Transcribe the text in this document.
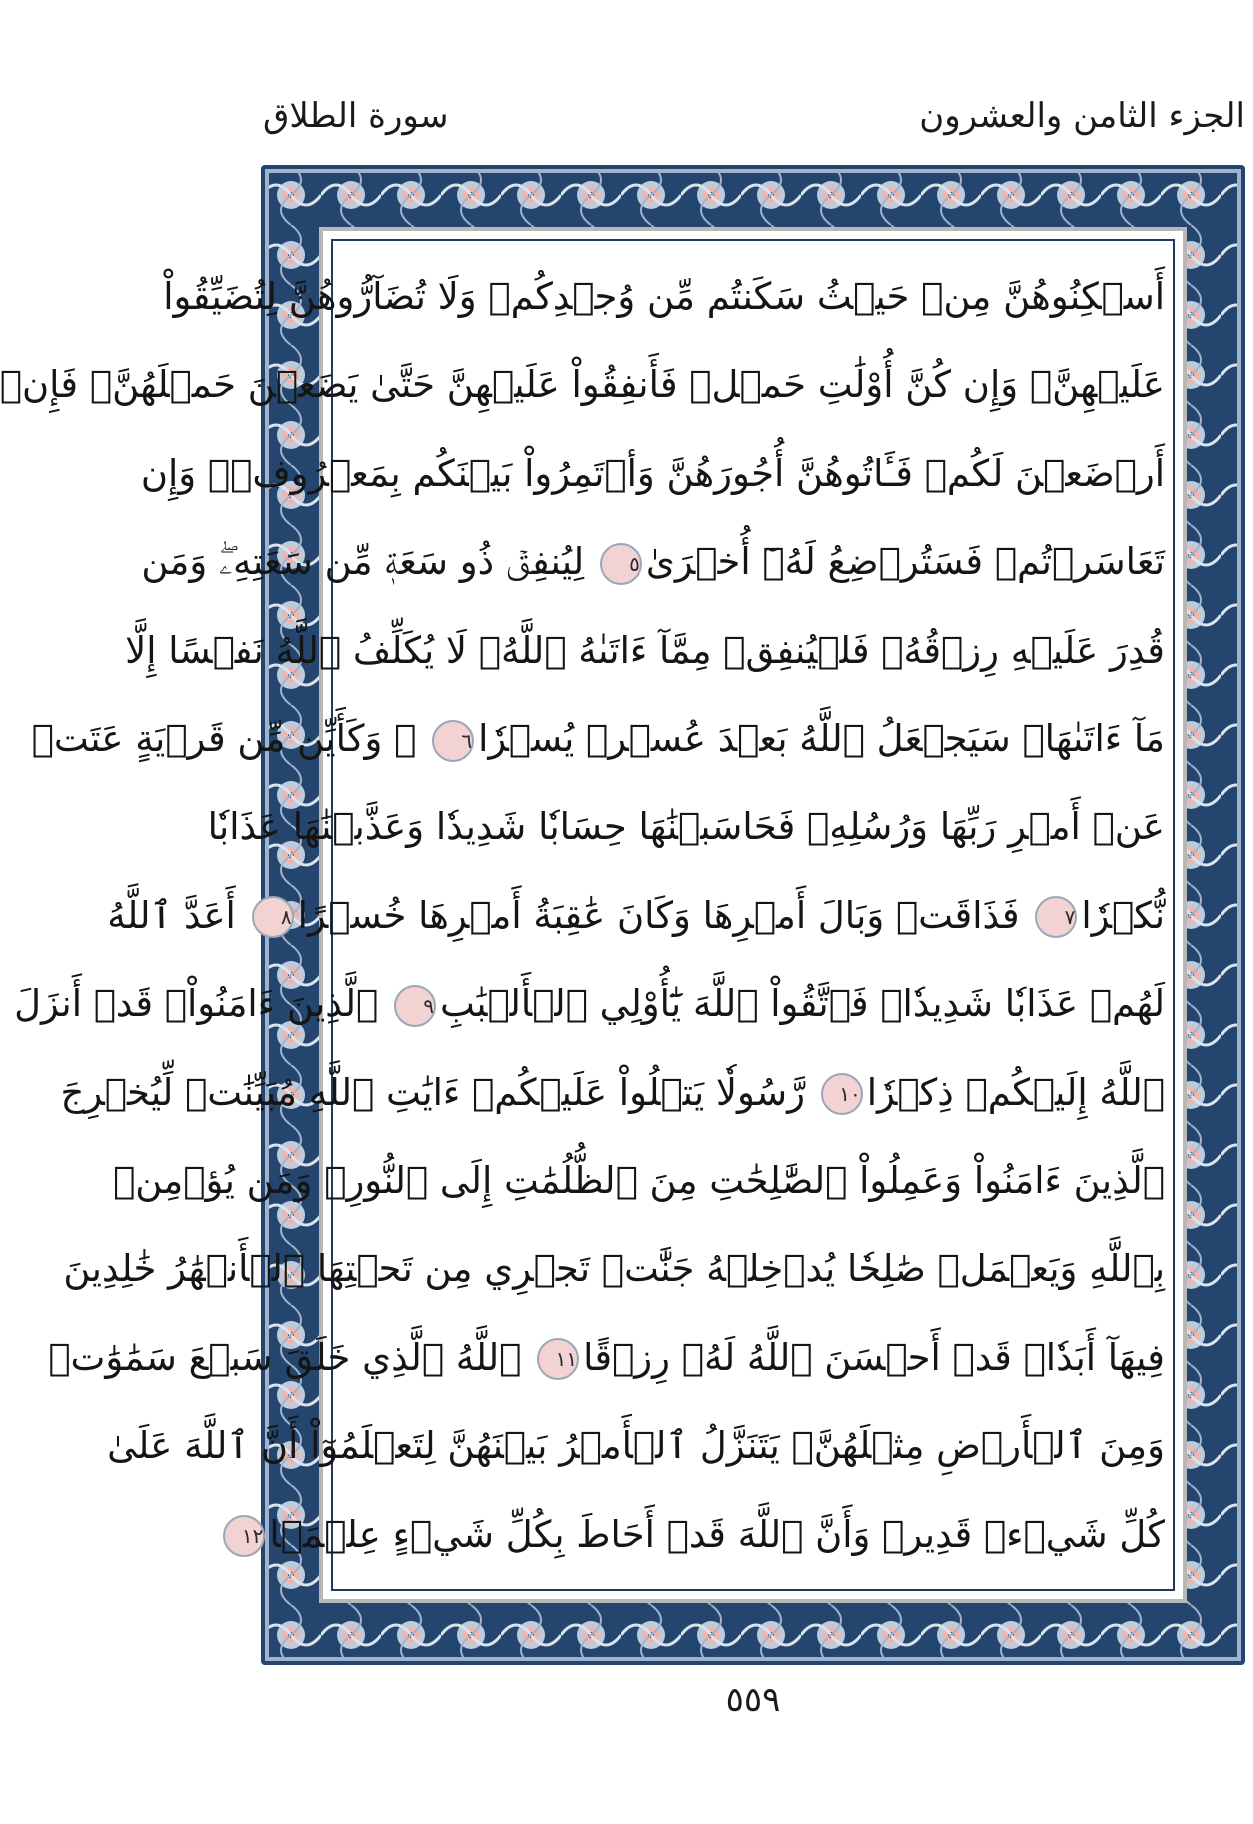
الجزء الثامن والعشرون
سورة الطلاق
أَسۡكِنُوهُنَّ مِنۡ حَيۡثُ سَكَنتُم مِّن وُجۡدِكُمۡ وَلَا تُضَآرُّوهُنَّ لِتُضَيِّقُواْ
عَلَيۡهِنَّۚ وَإِن كُنَّ أُوْلَٰتِ حَمۡلٖ فَأَنفِقُواْ عَلَيۡهِنَّ حَتَّىٰ يَضَعۡنَ حَمۡلَهُنَّۚ فَإِنۡ
أَرۡضَعۡنَ لَكُمۡ فَـَٔاتُوهُنَّ أُجُورَهُنَّ وَأۡتَمِرُواْ بَيۡنَكُم بِمَعۡرُوفٖۖ وَإِن
تَعَاسَرۡتُمۡ فَسَتُرۡضِعُ لَهُۥٓ أُخۡرَىٰ٥ لِيُنفِقۡ ذُو سَعَةٖ مِّن سَعَتِهِۦۖ وَمَن
قُدِرَ عَلَيۡهِ رِزۡقُهُۥ فَلۡيُنفِقۡ مِمَّآ ءَاتَىٰهُ ٱللَّهُۚ لَا يُكَلِّفُ ٱللَّهُ نَفۡسًا إِلَّا
مَآ ءَاتَىٰهَاۚ سَيَجۡعَلُ ٱللَّهُ بَعۡدَ عُسۡرٖ يُسۡرٗا٦ ۞ وَكَأَيِّن مِّن قَرۡيَةٍ عَتَتۡ
عَنۡ أَمۡرِ رَبِّهَا وَرُسُلِهِۦ فَحَاسَبۡنَٰهَا حِسَابٗا شَدِيدٗا وَعَذَّبۡنَٰهَا عَذَابٗا
نُّكۡرٗا٧ فَذَاقَتۡ وَبَالَ أَمۡرِهَا وَكَانَ عَٰقِبَةُ أَمۡرِهَا خُسۡرًا٨ أَعَدَّ ٱللَّهُ
لَهُمۡ عَذَابٗا شَدِيدٗاۖ فَٱتَّقُواْ ٱللَّهَ يَٰٓأُوْلِي ٱلۡأَلۡبَٰبِ٩ ٱلَّذِينَ ءَامَنُواْۚ قَدۡ أَنزَلَ
ٱللَّهُ إِلَيۡكُمۡ ذِكۡرٗا١٠ رَّسُولٗا يَتۡلُواْ عَلَيۡكُمۡ ءَايَٰتِ ٱللَّهِ مُبَيِّنَٰتٖ لِّيُخۡرِجَ
ٱلَّذِينَ ءَامَنُواْ وَعَمِلُواْ ٱلصَّٰلِحَٰتِ مِنَ ٱلظُّلُمَٰتِ إِلَى ٱلنُّورِۚ وَمَن يُؤۡمِنۢ
بِٱللَّهِ وَيَعۡمَلۡ صَٰلِحٗا يُدۡخِلۡهُ جَنَّٰتٖ تَجۡرِي مِن تَحۡتِهَا ٱلۡأَنۡهَٰرُ خَٰلِدِينَ
فِيهَآ أَبَدٗاۖ قَدۡ أَحۡسَنَ ٱللَّهُ لَهُۥ رِزۡقًا١١ ٱللَّهُ ٱلَّذِي خَلَقَ سَبۡعَ سَمَٰوَٰتٖ
وَمِنَ ٱلۡأَرۡضِ مِثۡلَهُنَّۖ يَتَنَزَّلُ ٱلۡأَمۡرُ بَيۡنَهُنَّ لِتَعۡلَمُوٓاْ أَنَّ ٱللَّهَ عَلَىٰ
كُلِّ شَيۡءٖ قَدِيرٞ وَأَنَّ ٱللَّهَ قَدۡ أَحَاطَ بِكُلِّ شَيۡءٍ عِلۡمَۢا١٢
٥٥٩
